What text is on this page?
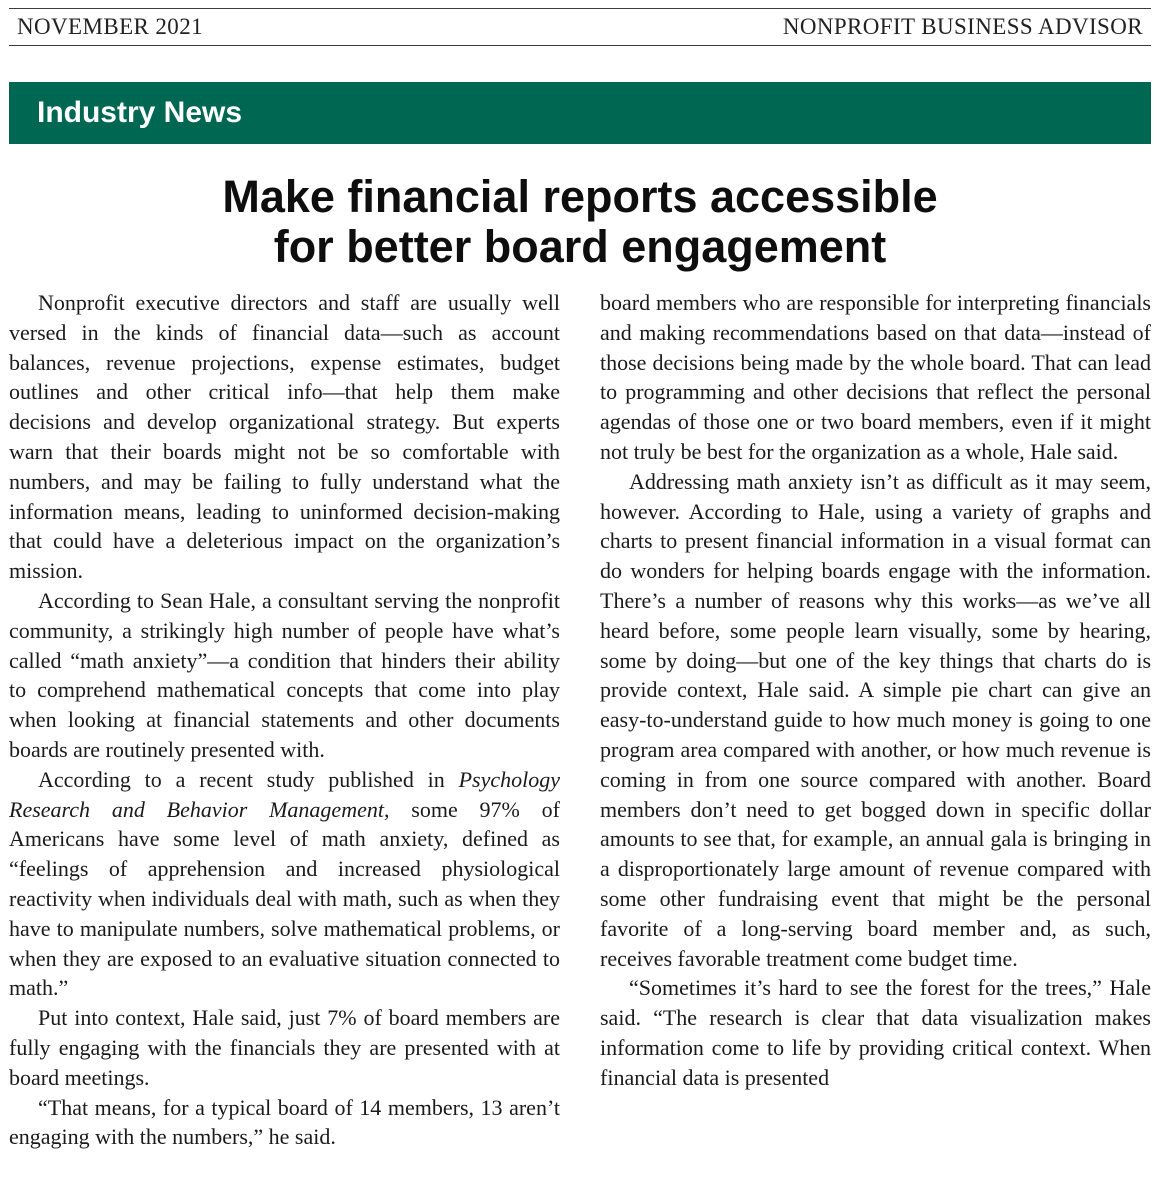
NOVEMBER 2021	NONPROFIT BUSINESS ADVISOR
Industry News
Make financial reports accessible
for better board engagement

Nonprofit executive directors and staff are usually well versed in the kinds of financial data—such as account balances, revenue projections, expense estimates, budget outlines and other critical info—that help them make decisions and develop organizational strategy. But experts warn that their boards might not be so comfortable with numbers, and may be failing to fully understand what the information means, leading to uninformed decision-making that could have a deleterious impact on the organization’s mission.

According to Sean Hale, a consultant serving the nonprofit community, a strikingly high number of people have what’s called “math anxiety”—a condition that hinders their ability to comprehend mathematical concepts that come into play when looking at financial statements and other documents boards are routinely presented with.

According to a recent study published in Psychology Research and Behavior Management, some 97% of Americans have some level of math anxiety, defined as “feelings of apprehension and increased physiological reactivity when individuals deal with math, such as when they have to manipulate numbers, solve mathematical problems, or when they are exposed to an evaluative situation connected to math.”

Put into context, Hale said, just 7% of board members are fully engaging with the financials they are presented with at board meetings.

“That means, for a typical board of 14 members, 13 aren’t engaging with the numbers,” he said.

board members who are responsible for interpreting financials and making recommendations based on that data—instead of those decisions being made by the whole board. That can lead to programming and other decisions that reflect the personal agendas of those one or two board members, even if it might not truly be best for the organization as a whole, Hale said.

Addressing math anxiety isn’t as difficult as it may seem, however. According to Hale, using a variety of graphs and charts to present financial information in a visual format can do wonders for helping boards engage with the information. There’s a number of reasons why this works—as we’ve all heard before, some people learn visually, some by hearing, some by doing—but one of the key things that charts do is provide context, Hale said. A simple pie chart can give an easy-to-understand guide to how much money is going to one program area compared with another, or how much revenue is coming in from one source compared with another. Board members don’t need to get bogged down in specific dollar amounts to see that, for example, an annual gala is bringing in a disproportionately large amount of revenue compared with some other fundraising event that might be the personal favorite of a long-serving board member and, as such, receives favorable treatment come budget time.

“Sometimes it’s hard to see the forest for the trees,” Hale said. “The research is clear that data visualization makes information come to life by providing critical context. When financial data is presented
